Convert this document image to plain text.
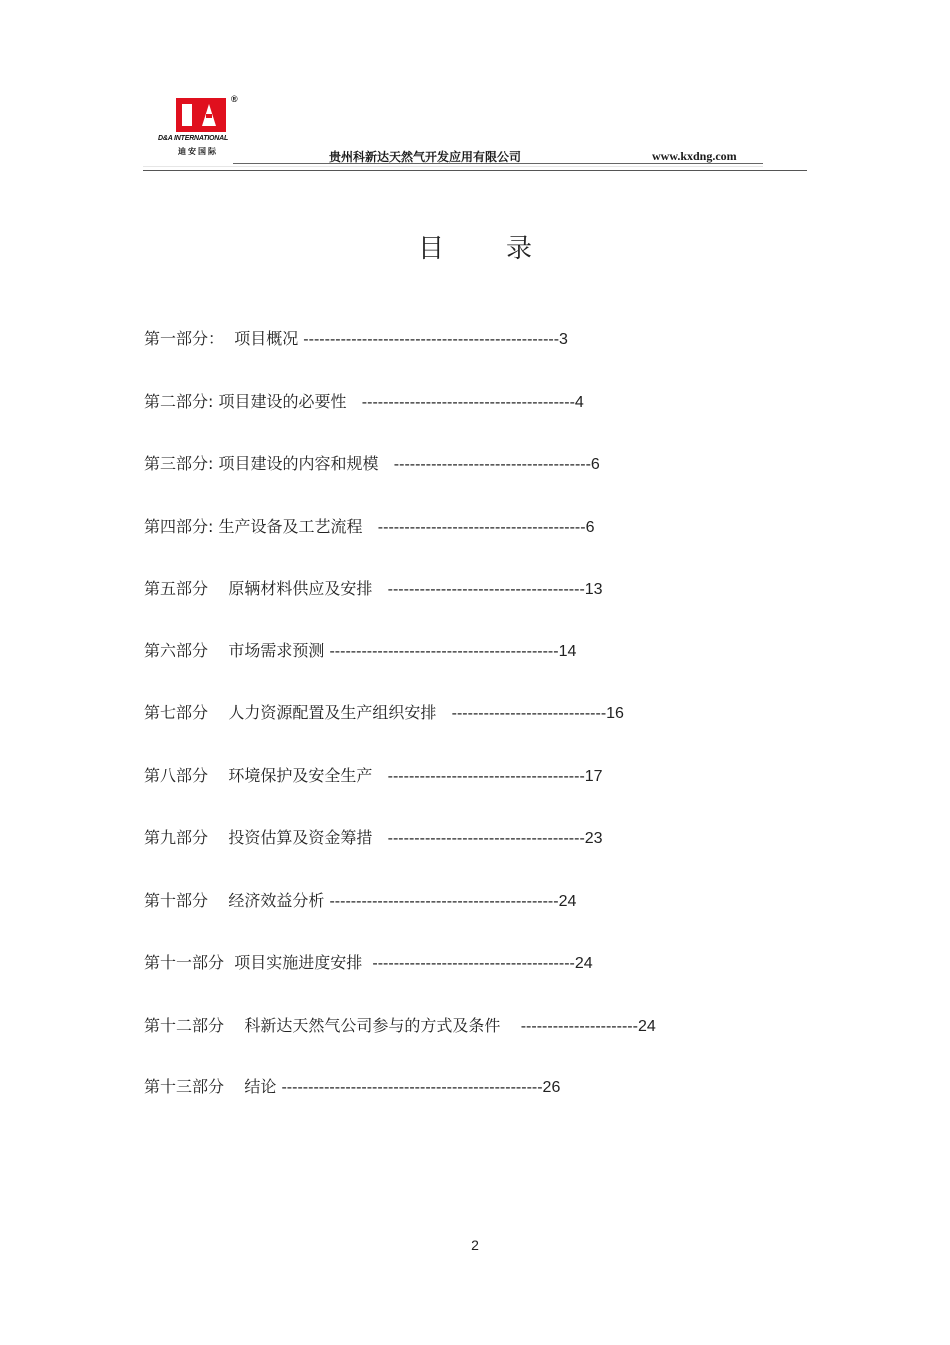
®
D&A INTERNATIONAL
迪安国际	贵州科新达天然气开发应用有限公司	www.kxdng.com
目 录
第一部分： 项目概况 ------------------------------------------------3
第二部分: 项目建设的必要性 ----------------------------------------4
第三部分: 项目建设的内容和规模 -------------------------------------6
第四部分: 生产设备及工艺流程 ---------------------------------------6
第五部分 原辆材料供应及安排 -------------------------------------13
第六部分 市场需求预测 -------------------------------------------14
第七部分 人力资源配置及生产组织安排 -----------------------------16
第八部分 环境保护及安全生产 -------------------------------------17
第九部分 投资估算及资金筹措 -------------------------------------23
第十部分 经济效益分析 -------------------------------------------24
第十一部分 项目实施进度安排 --------------------------------------24
第十二部分 科新达天然气公司参与的方式及条件 ----------------------24
第十三部分 结论 -------------------------------------------------26
2
